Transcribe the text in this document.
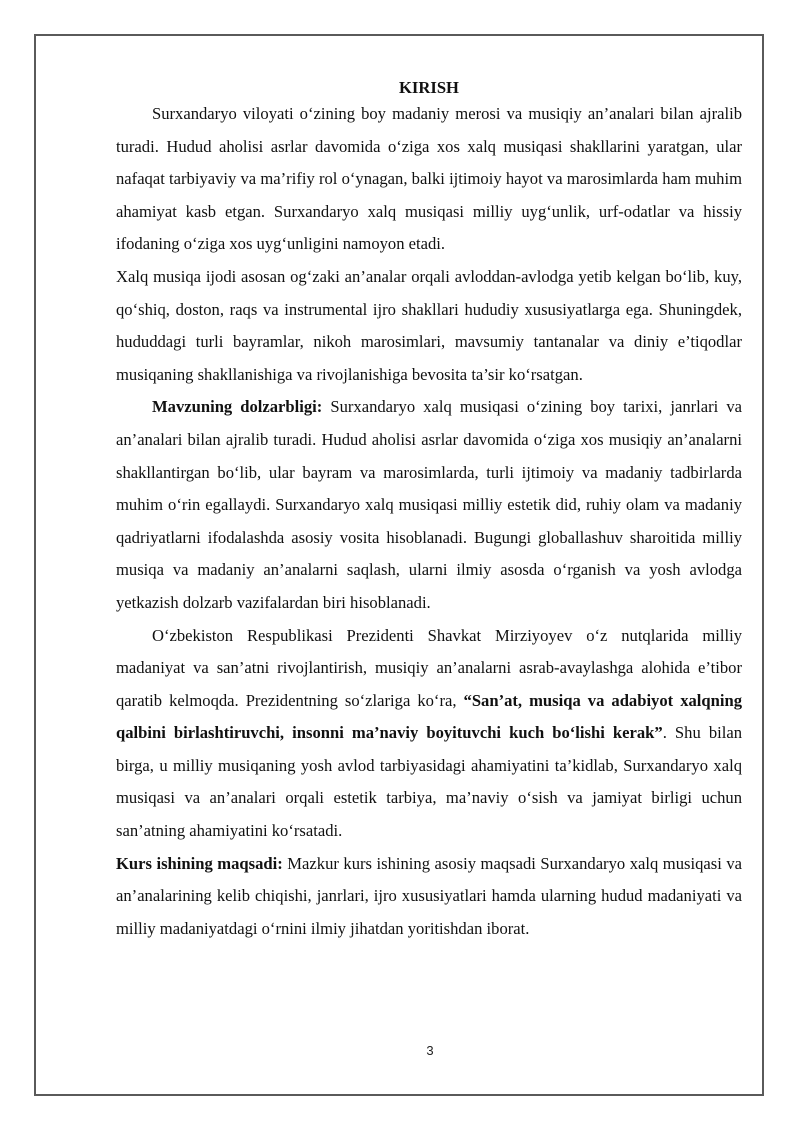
KIRISH

Surxandaryo viloyati o‘zining boy madaniy merosi va musiqiy an’analari bilan ajralib turadi. Hudud aholisi asrlar davomida o‘ziga xos xalq musiqasi shakllarini yaratgan, ular nafaqat tarbiyaviy va ma’rifiy rol o‘ynagan, balki ijtimoiy hayot va marosimlarda ham muhim ahamiyat kasb etgan. Surxandaryo xalq musiqasi milliy uyg‘unlik, urf-odatlar va hissiy ifodaning o‘ziga xos uyg‘unligini namoyon etadi.

Xalq musiqa ijodi asosan og‘zaki an’analar orqali avloddan-avlodga yetib kelgan bo‘lib, kuy, qo‘shiq, doston, raqs va instrumental ijro shakllari hududiy xususiyatlarga ega. Shuningdek, hududdagi turli bayramlar, nikoh marosimlari, mavsumiy tantanalar va diniy e’tiqodlar musiqaning shakllanishiga va rivojlanishiga bevosita ta’sir ko‘rsatgan.

Mavzuning dolzarbligi: Surxandaryo xalq musiqasi o‘zining boy tarixi, janrlari va an’analari bilan ajralib turadi. Hudud aholisi asrlar davomida o‘ziga xos musiqiy an’analarni shakllantirgan bo‘lib, ular bayram va marosimlarda, turli ijtimoiy va madaniy tadbirlarda muhim o‘rin egallaydi. Surxandaryo xalq musiqasi milliy estetik did, ruhiy olam va madaniy qadriyatlarni ifodalashda asosiy vosita hisoblanadi. Bugungi globallashuv sharoitida milliy musiqa va madaniy an’analarni saqlash, ularni ilmiy asosda o‘rganish va yosh avlodga yetkazish dolzarb vazifalardan biri hisoblanadi.

O‘zbekiston Respublikasi Prezidenti Shavkat Mirziyoyev o‘z nutqlarida milliy madaniyat va san’atni rivojlantirish, musiqiy an’analarni asrab-avaylashga alohida e’tibor qaratib kelmoqda. Prezidentning so‘zlariga ko‘ra, “San’at, musiqa va adabiyot xalqning qalbini birlashtiruvchi, insonni ma’naviy boyituvchi kuch bo‘lishi kerak”. Shu bilan birga, u milliy musiqaning yosh avlod tarbiyasidagi ahamiyatini ta’kidlab, Surxandaryo xalq musiqasi va an’analari orqali estetik tarbiya, ma’naviy o‘sish va jamiyat birligi uchun san’atning ahamiyatini ko‘rsatadi.

Kurs ishining maqsadi: Mazkur kurs ishining asosiy maqsadi Surxandaryo xalq musiqasi va an’analarining kelib chiqishi, janrlari, ijro xususiyatlari hamda ularning hudud madaniyati va milliy madaniyatdagi o‘rnini ilmiy jihatdan yoritishdan iborat.

3
